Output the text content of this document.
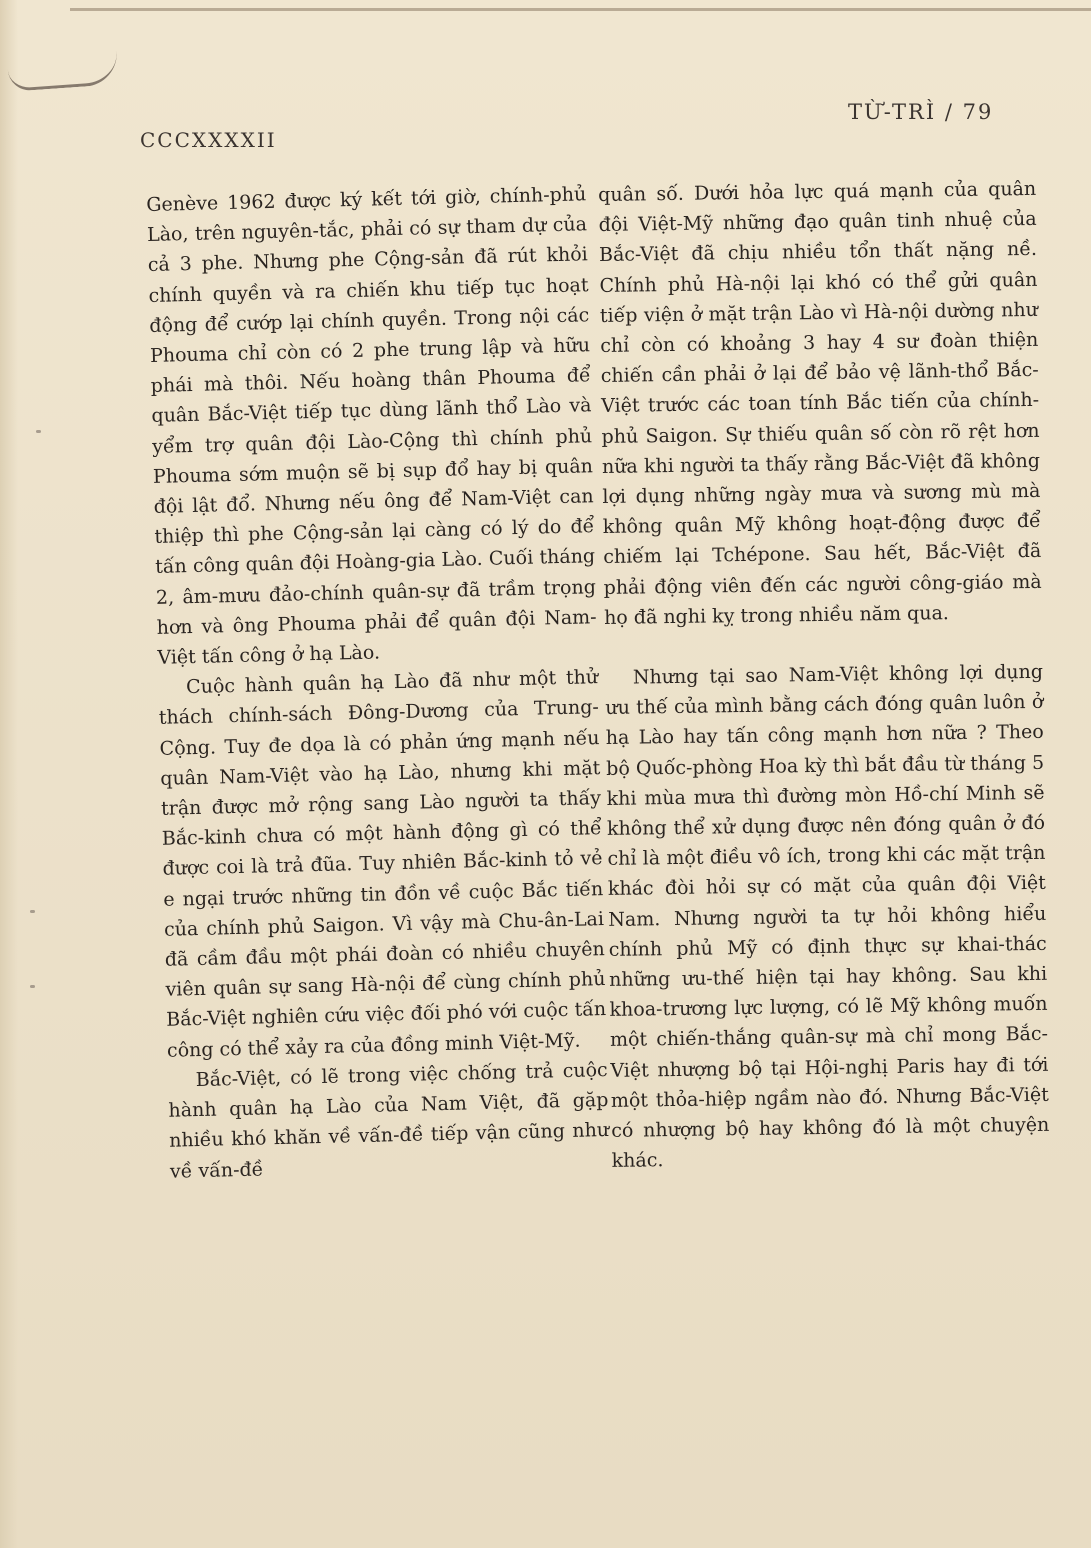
CCCXXXXII
TỪ-TRÌ / 79

Genève 1962 được ký kết tới giờ, chính-phủ Lào, trên nguyên-tắc, phải có sự tham dự của cả 3 phe. Nhưng phe Cộng-sản đã rút khỏi chính quyền và ra chiến khu tiếp tục hoạt động để cướp lại chính quyền. Trong nội các Phouma chỉ còn có 2 phe trung lập và hữu phái mà thôi. Nếu hoàng thân Phouma để quân Bắc-Việt tiếp tục dùng lãnh thổ Lào và yểm trợ quân đội Lào-Cộng thì chính phủ Phouma sớm muộn sẽ bị sụp đổ hay bị quân đội lật đổ. Nhưng nếu ông để Nam-Việt can thiệp thì phe Cộng-sản lại càng có lý do để tấn công quân đội Hoàng-gia Lào. Cuối tháng 2, âm-mưu đảo-chính quân-sự đã trầm trọng hơn và ông Phouma phải để quân đội Nam-Việt tấn công ở hạ Lào.

Cuộc hành quân hạ Lào đã như một thử thách chính-sách Đông-Dương của Trung-Cộng. Tuy đe dọa là có phản ứng mạnh nếu quân Nam-Việt vào hạ Lào, nhưng khi mặt trận được mở rộng sang Lào người ta thấy Bắc-kinh chưa có một hành động gì có thể được coi là trả đũa. Tuy nhiên Bắc-kinh tỏ vẻ e ngại trước những tin đồn về cuộc Bắc tiến của chính phủ Saigon. Vì vậy mà Chu-ân-Lai đã cầm đầu một phái đoàn có nhiều chuyên viên quân sự sang Hà-nội để cùng chính phủ Bắc-Việt nghiên cứu việc đối phó với cuộc tấn công có thể xảy ra của đồng minh Việt-Mỹ.

Bắc-Việt, có lẽ trong việc chống trả cuộc hành quân hạ Lào của Nam Việt, đã gặp nhiều khó khăn về vấn-đề tiếp vận cũng như về vấn-đề

quân số. Dưới hỏa lực quá mạnh của quân đội Việt-Mỹ những đạo quân tinh nhuệ của Bắc-Việt đã chịu nhiều tổn thất nặng nề. Chính phủ Hà-nội lại khó có thể gửi quân tiếp viện ở mặt trận Lào vì Hà-nội dường như chỉ còn có khoảng 3 hay 4 sư đoàn thiện chiến cần phải ở lại để bảo vệ lãnh-thổ Bắc-Việt trước các toan tính Bắc tiến của chính-phủ Saigon. Sự thiếu quân số còn rõ rệt hơn nữa khi người ta thấy rằng Bắc-Việt đã không lợi dụng những ngày mưa và sương mù mà không quân Mỹ không hoạt-động được để chiếm lại Tchépone. Sau hết, Bắc-Việt đã phải động viên đến các người công-giáo mà họ đã nghi kỵ trong nhiều năm qua.

Nhưng tại sao Nam-Việt không lợi dụng ưu thế của mình bằng cách đóng quân luôn ở hạ Lào hay tấn công mạnh hơn nữa ? Theo bộ Quốc-phòng Hoa kỳ thì bắt đầu từ tháng 5 khi mùa mưa thì đường mòn Hồ-chí Minh sẽ không thể xử dụng được nên đóng quân ở đó chỉ là một điều vô ích, trong khi các mặt trận khác đòi hỏi sự có mặt của quân đội Việt Nam. Nhưng người ta tự hỏi không hiểu chính phủ Mỹ có định thực sự khai-thác những ưu-thế hiện tại hay không. Sau khi khoa-trương lực lượng, có lẽ Mỹ không muốn một chiến-thắng quân-sự mà chỉ mong Bắc-Việt nhượng bộ tại Hội-nghị Paris hay đi tới một thỏa-hiệp ngầm nào đó. Nhưng Bắc-Việt có nhượng bộ hay không đó là một chuyện khác.
